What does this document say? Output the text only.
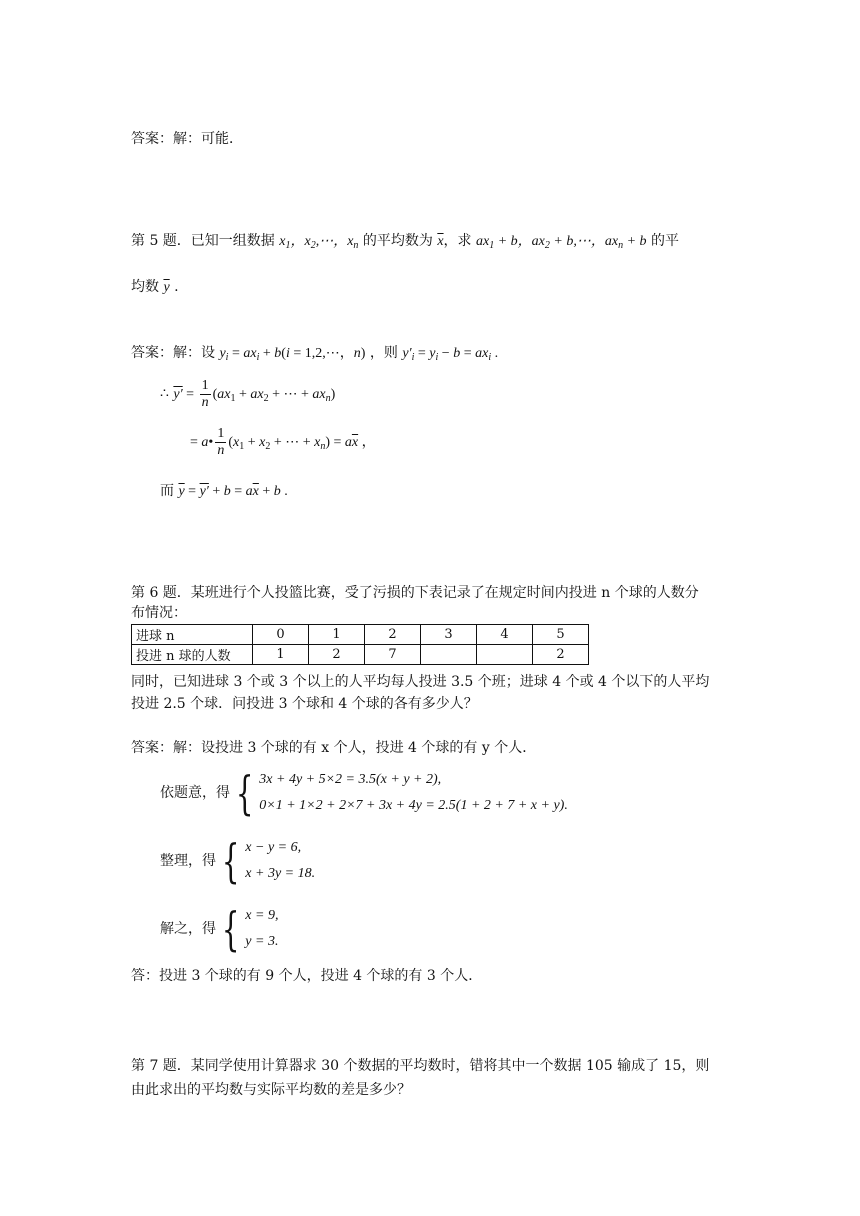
答案：解：可能．
第 5 题．已知一组数据 $x_1$，$x_2,\cdots$，$x_n$ 的平均数为 $\overline{x}$，求 $ax_1 + b$，$ax_2$ + b,⋯，$ax_n + b$ 的平
均数 $\overline{y}$ .
答案：解：设 $y_i = ax_i + b(i$ = 1,2,⋯，n) ，则 $y'_i = y_i - b = ax_i$ .
∴ $y' = \frac{1}{n} (ax_1 + ax_2$ + ⋯ + $ax_n$)
= a• $\frac{1}{n} (x_1 + x_2$ + ⋯ + $x_n) = a\overline{x}$ ，
而 $\overline{y} = y' + b = a\overline{x} + b$ .
第 6 题．某班进行个人投篮比赛，受了污损的下表记录了在规定时间内投进 n 个球的人数分
布情况：
进球 n	0	1	2	3	4	5
投进 n 球的人数	1	2	7			2
同时，已知进球 3 个或 3 个以上的人平均每人投进 3.5 个班；进球 4 个或 4 个以下的人平均
投进 2.5 个球．问投进 3 个球和 4 个球的各有多少人？
答案：解：设投进 3 个球的有 x 个人，投进 4 个球的有 y 个人．
依题意，得 { 3x + 4y + 5×2 = 3.5(x + y + 2),
0×1 + 1×2 + 2×7 + 3x + 4y = 2.5(1 + 2 + 7 + x + y).
整理，得 { x − y = 6,
x + 3y = 18.
解之，得 { x = 9,
y = 3.
答：投进 3 个球的有 9 个人，投进 4 个球的有 3 个人．
第 7 题．某同学使用计算器求 30 个数据的平均数时，错将其中一个数据 105 输成了 15，则
由此求出的平均数与实际平均数的差是多少？
